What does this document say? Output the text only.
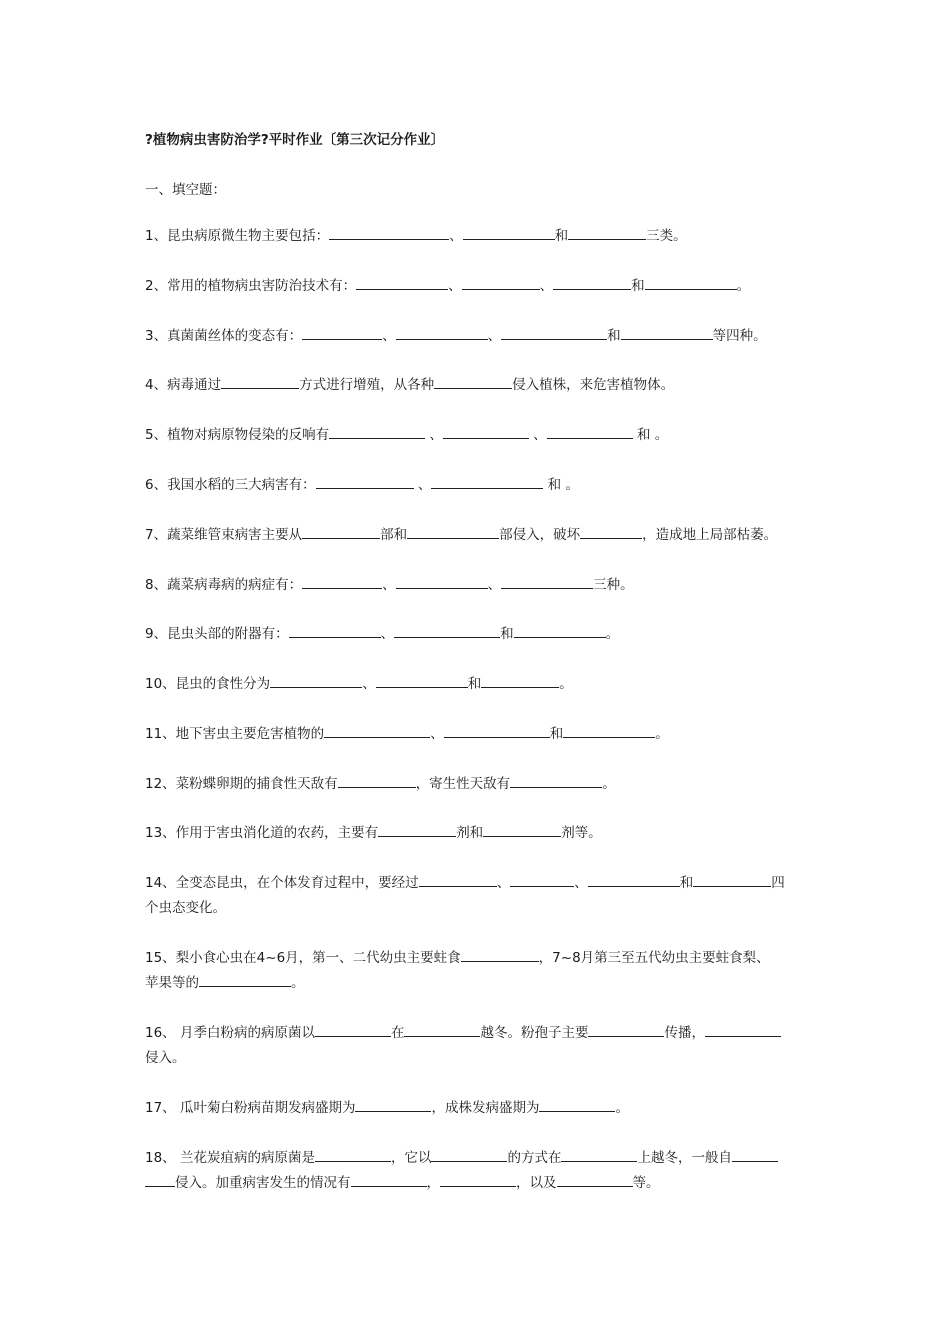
?植物病虫害防治学?平时作业〔第三次记分作业〕
一、填空题：
1、昆虫病原微生物主要包括：	、	和	三类。
2、常用的植物病虫害防治技术有：	、	、	和	。
3、真菌菌丝体的变态有：	、	、	和	等四种。
4、病毒通过	方式进行增殖，从各种	侵入植株，来危害植物体。
5、植物对病原物侵染的反响有	、	、	和 。
6、我国水稻的三大病害有：	、	和 。
7、蔬菜维管束病害主要从	部和	部侵入，破坏	，造成地上局部枯萎。
8、蔬菜病毒病的病症有：	、	、	三种。
9、昆虫头部的附器有：	、	和	。
10、昆虫的食性分为	、	和	。
11、地下害虫主要危害植物的	、	和	。
12、菜粉蝶卵期的捕食性天敌有	，寄生性天敌有	。
13、作用于害虫消化道的农药，主要有	剂和	剂等。
14、全变态昆虫，在个体发育过程中，要经过	、	、	和	四
个虫态变化。
15、梨小食心虫在4~6月，第一、二代幼虫主要蛀食	，7~8月第三至五代幼虫主要蛀食梨、
苹果等的	。
16、 月季白粉病的病原菌以	在	越冬。粉孢子主要	传播，
侵入。
17、 瓜叶菊白粉病苗期发病盛期为	，成株发病盛期为	。
18、 兰花炭疽病的病原菌是	，它以	的方式在	上越冬，一般自
侵入。加重病害发生的情况有	，	，以及	等。
